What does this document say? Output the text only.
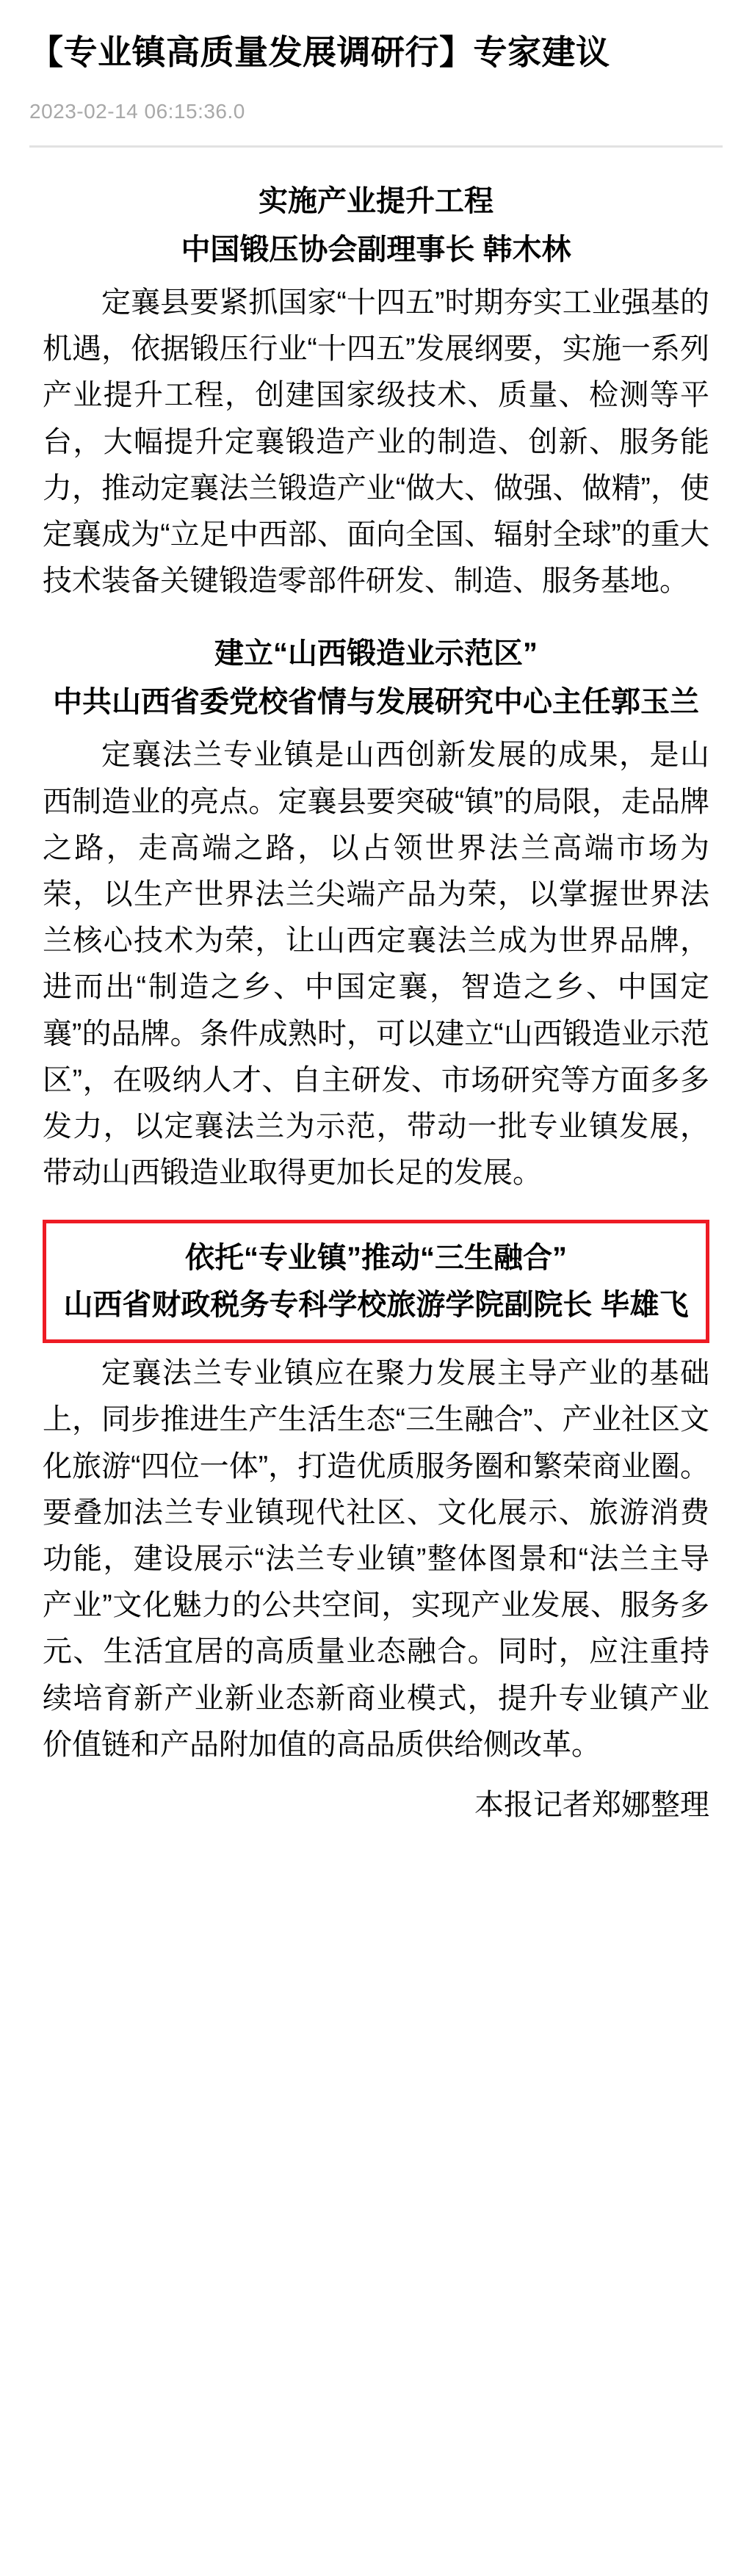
【专业镇高质量发展调研行】专家建议
2023-02-14 06:15:36.0
实施产业提升工程
中国锻压协会副理事长 韩木林

定襄县要紧抓国家“十四五”时期夯实工业强基的机遇，依据锻压行业“十四五”发展纲要，实施一系列产业提升工程，创建国家级技术、质量、检测等平台，大幅提升定襄锻造产业的制造、创新、服务能力，推动定襄法兰锻造产业“做大、做强、做精”，使定襄成为“立足中西部、面向全国、辐射全球”的重大技术装备关键锻造零部件研发、制造、服务基地。

建立“山西锻造业示范区”
中共山西省委党校省情与发展研究中心主任郭玉兰

定襄法兰专业镇是山西创新发展的成果，是山西制造业的亮点。定襄县要突破“镇”的局限，走品牌之路，走高端之路，以占领世界法兰高端市场为荣，以生产世界法兰尖端产品为荣，以掌握世界法兰核心技术为荣，让山西定襄法兰成为世界品牌，进而出“制造之乡、中国定襄，智造之乡、中国定襄”的品牌。条件成熟时，可以建立“山西锻造业示范区”，在吸纳人才、自主研发、市场研究等方面多多发力，以定襄法兰为示范，带动一批专业镇发展，带动山西锻造业取得更加长足的发展。

依托“专业镇”推动“三生融合”
山西省财政税务专科学校旅游学院副院长 毕雄飞

定襄法兰专业镇应在聚力发展主导产业的基础上，同步推进生产生活生态“三生融合”、产业社区文化旅游“四位一体”，打造优质服务圈和繁荣商业圈。要叠加法兰专业镇现代社区、文化展示、旅游消费功能，建设展示“法兰专业镇”整体图景和“法兰主导产业”文化魅力的公共空间，实现产业发展、服务多元、生活宜居的高质量业态融合。同时，应注重持续培育新产业新业态新商业模式，提升专业镇产业价值链和产品附加值的高品质供给侧改革。

本报记者郑娜整理
